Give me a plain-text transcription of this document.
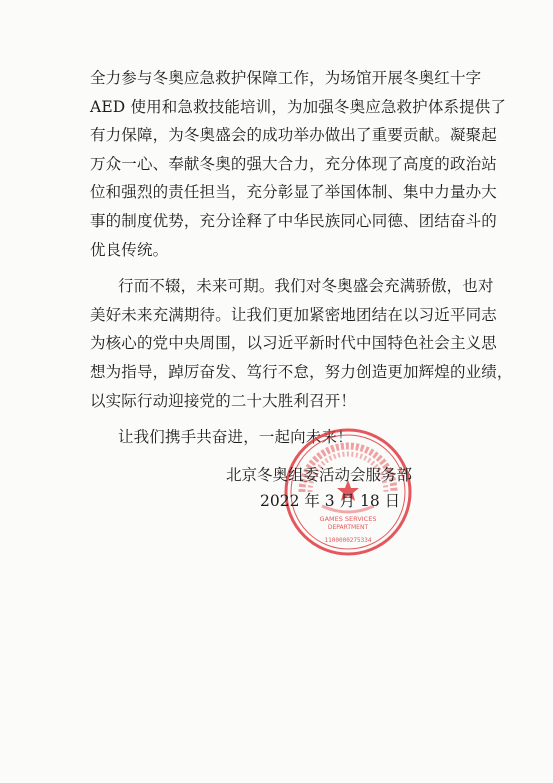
全力参与冬奥应急救护保障工作，为场馆开展冬奥红十字
AED 使用和急救技能培训，为加强冬奥应急救护体系提供了
有力保障，为冬奥盛会的成功举办做出了重要贡献。凝聚起
万众一心、奉献冬奥的强大合力，充分体现了高度的政治站
位和强烈的责任担当，充分彰显了举国体制、集中力量办大
事的制度优势，充分诠释了中华民族同心同德、团结奋斗的
优良传统。
行而不辍，未来可期。我们对冬奥盛会充满骄傲，也对
美好未来充满期待。让我们更加紧密地团结在以习近平同志
为核心的党中央周围，以习近平新时代中国特色社会主义思
想为指导，踔厉奋发、笃行不怠，努力创造更加辉煌的业绩，
以实际行动迎接党的二十大胜利召开！
让我们携手共奋进，一起向未来！
GAMES SERVICES
DEPARTMENT
1100000275334
北京冬奥组委活动会服务部
2022 年 3 月 18 日
